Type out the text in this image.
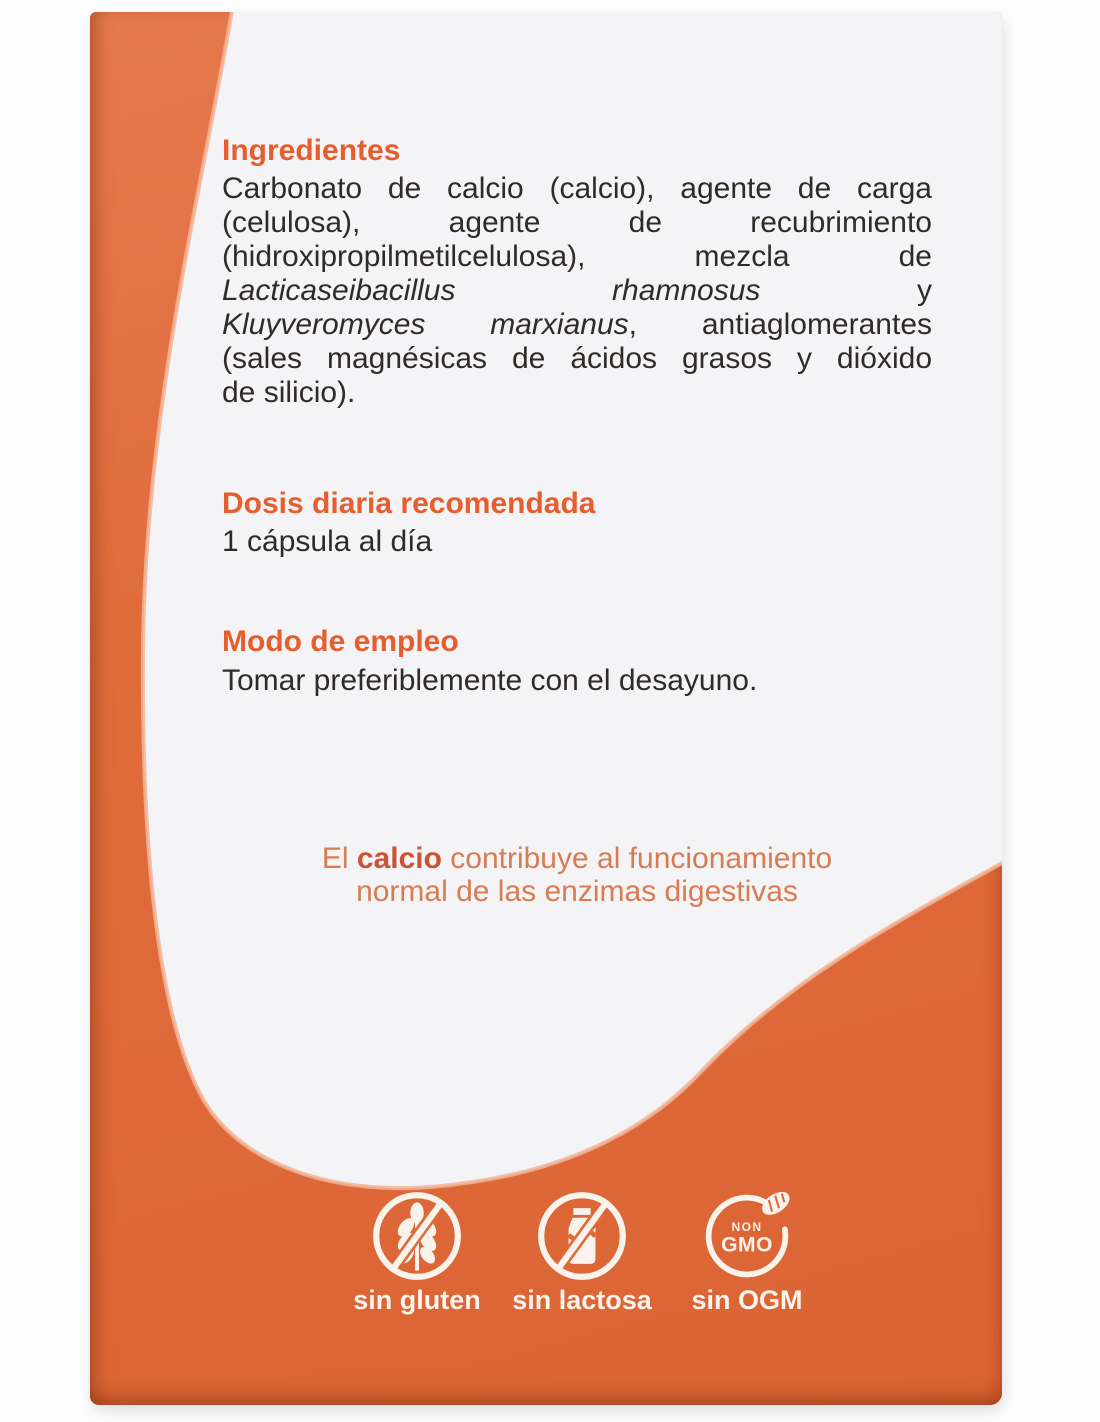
Ingredientes
Carbonato de calcio (calcio), agente de carga
(celulosa), agente de recubrimiento
(hidroxipropilmetilcelulosa), mezcla de
Lacticaseibacillus rhamnosus y
Kluyveromyces marxianus, antiaglomerantes
(sales magnésicas de ácidos grasos y dióxido
de silicio).
Dosis diaria recomendada
1 cápsula al día
Modo de empleo
Tomar preferiblemente con el desayuno.
El calcio contribuye al funcionamiento
normal de las enzimas digestivas
sin gluten sin lactosa
NON
GMO
sin OGM
